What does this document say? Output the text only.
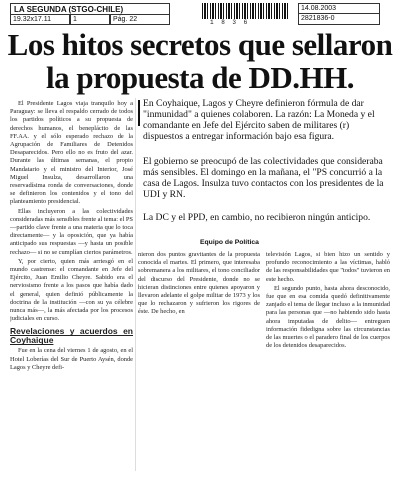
LA SEGUNDA (STGO-CHILE)
19.32x17.11	1	Pág. 22	1 8 3 6
14.08.2003
2821836-0
Los hitos secretos que sellaron la propuesta de DD.HH.

El Presidente Lagos viaja tranquilo hoy a Paraguay: se lleva el respaldo cerrado de todos los partidos políticos a su propuesta de derechos humanos, el beneplácito de las FF.AA. y el sólo esperado rechazo de la Agrupación de Familiares de Detenidos Desaparecidos. Pero ello no es fruto del azar. Durante las últimas semanas, el propio Mandatario y el ministro del Interior, José Miguel Insulza, desarrollaron una reservadísima ronda de conversaciones, donde se definieron los contenidos y el tono del planteamiento presidencial.

Ellas incluyeron a las colectividades consideradas más sensibles frente al tema: el PS —partido clave frente a una materia que lo toca directamente— y la oposición, que ya había anticipado sus respuestas —y hasta un posible rechazo— si no se cumplían ciertos parámetros.

Y, por cierto, quien más arriesgó en el mundo castrense: el comandante en Jefe del Ejército, Juan Emilio Cheyre. Sabido era el nerviosismo frente a los pasos que había dado el general, quien definió públicamente la doctrina de la institución —con su ya célebre nunca más—, la más afectada por los procesos judiciales en curso.

Revelaciones y acuerdos en Coyhaique

Fue en la cena del viernes 1 de agosto, en el Hotel Loberías del Sur de Puerto Aysén, donde Lagos y Cheyre defi-

En Coyhaique, Lagos y Cheyre definieron fórmula de dar "inmunidad" a quienes colaboren. La razón: La Moneda y el comandante en Jefe del Ejército saben de militares (r) dispuestos a entregar información bajo esa figura.

El gobierno se preocupó de las colectividades que consideraba más sensibles. El domingo en la mañana, el "PS concurrió a la casa de Lagos. Insulza tuvo contactos con los presidentes de la UDI y RN.

La DC y el PPD, en cambio, no recibieron ningún anticipo.

Equipo de Política

nieron dos puntos gravitantes de la propuesta conocida el martes. El primero, que interesaba sobremanera a los militares, el tono conciliador del discurso del Presidente, donde no se hicieran distinciones entre quienes apoyaron y llevaron adelante el golpe militar de 1973 y los que lo rechazaron y sufrieron los rigores de éste. De hecho, en

televisión Lagos, si bien hizo un sentido y profundo reconocimiento a las víctimas, habló de las responsabilidades que "todos" tuvieron en este hecho.

El segundo punto, hasta ahora desconocido, fue que en esa comida quedó definitivamente zanjado el tema de llegar incluso a la inmunidad para las personas que —no habiendo sido hasta ahora imputadas de delito— entreguen información fidedigna sobre las circunstancias de las muertes o el paradero final de los cuerpos de los detenidos desaparecidos.
